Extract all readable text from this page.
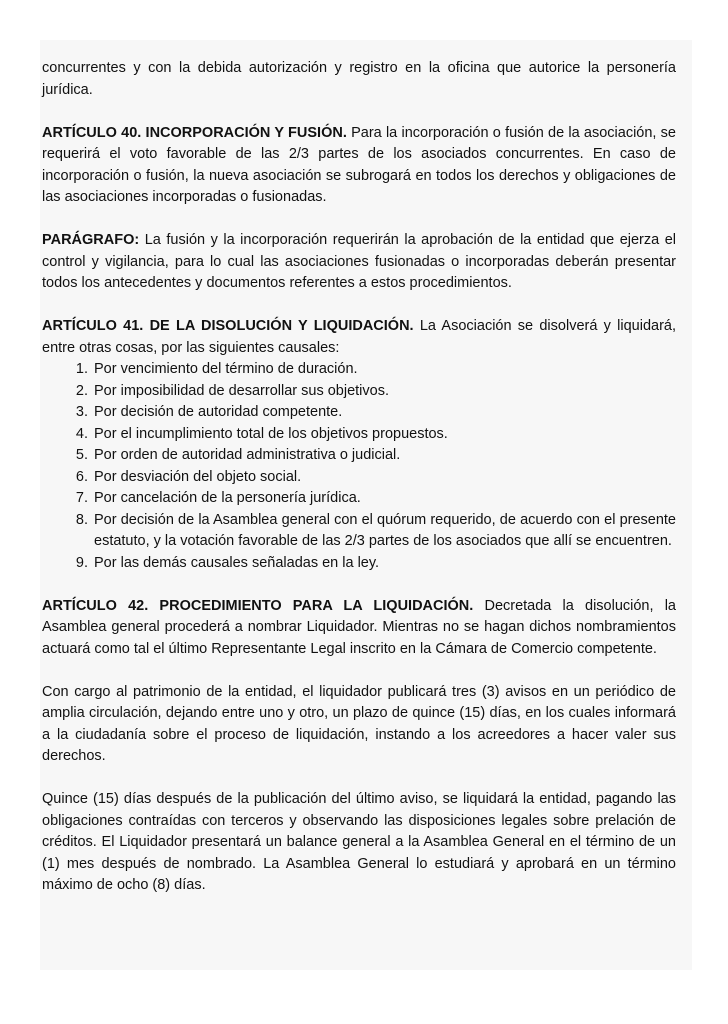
concurrentes y con la debida autorización y registro en la oficina que autorice la personería jurídica.

ARTÍCULO 40. INCORPORACIÓN Y FUSIÓN. Para la incorporación o fusión de la asociación, se requerirá el voto favorable de las 2/3 partes de los asociados concurrentes. En caso de incorporación o fusión, la nueva asociación se subrogará en todos los derechos y obligaciones de las asociaciones incorporadas o fusionadas.

PARÁGRAFO: La fusión y la incorporación requerirán la aprobación de la entidad que ejerza el control y vigilancia, para lo cual las asociaciones fusionadas o incorporadas deberán presentar todos los antecedentes y documentos referentes a estos procedimientos.

ARTÍCULO 41. DE LA DISOLUCIÓN Y LIQUIDACIÓN. La Asociación se disolverá y liquidará, entre otras cosas, por las siguientes causales:

1. Por vencimiento del término de duración.
2. Por imposibilidad de desarrollar sus objetivos.
3. Por decisión de autoridad competente.
4. Por el incumplimiento total de los objetivos propuestos.
5. Por orden de autoridad administrativa o judicial.
6. Por desviación del objeto social.
7. Por cancelación de la personería jurídica.
8. Por decisión de la Asamblea general con el quórum requerido, de acuerdo con el presente estatuto, y la votación favorable de las 2/3 partes de los asociados que allí se encuentren.
9. Por las demás causales señaladas en la ley.

ARTÍCULO 42. PROCEDIMIENTO PARA LA LIQUIDACIÓN. Decretada la disolución, la Asamblea general procederá a nombrar Liquidador. Mientras no se hagan dichos nombramientos actuará como tal el último Representante Legal inscrito en la Cámara de Comercio competente.

Con cargo al patrimonio de la entidad, el liquidador publicará tres (3) avisos en un periódico de amplia circulación, dejando entre uno y otro, un plazo de quince (15) días, en los cuales informará a la ciudadanía sobre el proceso de liquidación, instando a los acreedores a hacer valer sus derechos.

Quince (15) días después de la publicación del último aviso, se liquidará la entidad, pagando las obligaciones contraídas con terceros y observando las disposiciones legales sobre prelación de créditos. El Liquidador presentará un balance general a la Asamblea General en el término de un (1) mes después de nombrado. La Asamblea General lo estudiará y aprobará en un término máximo de ocho (8) días.
